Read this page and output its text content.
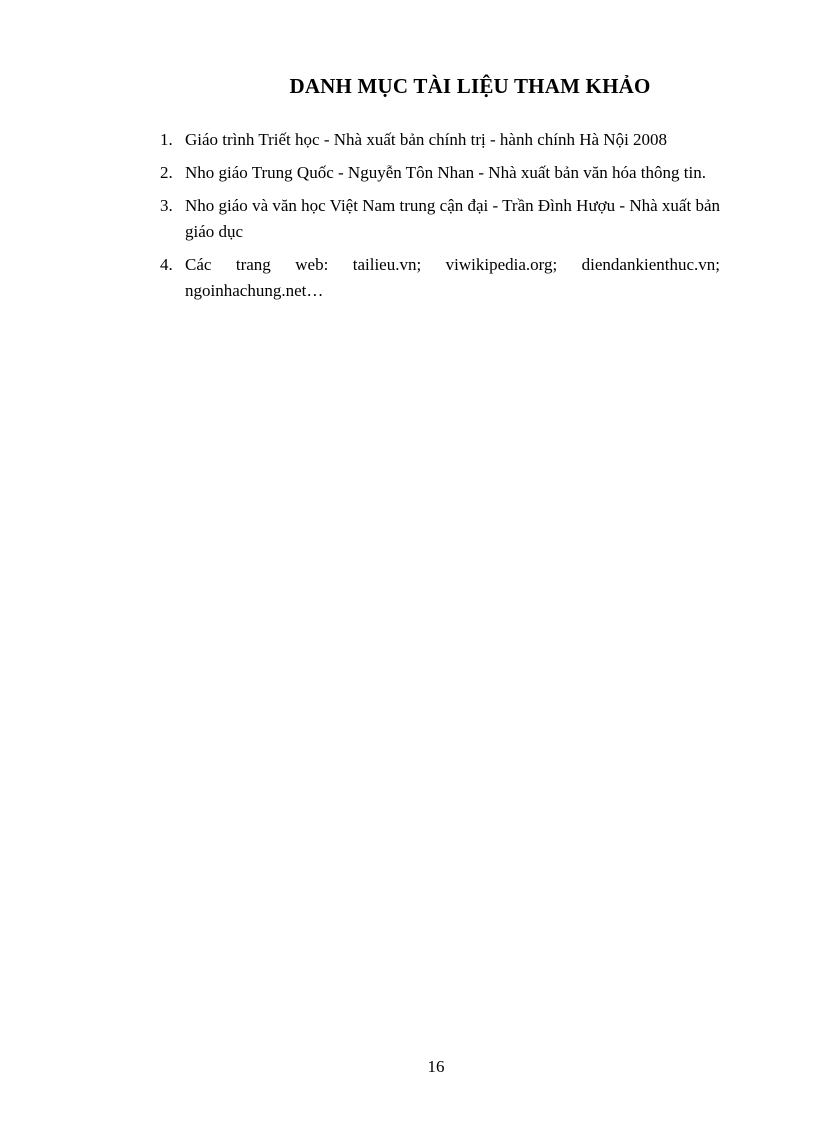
DANH MỤC TÀI LIỆU THAM KHẢO
1. Giáo trình Triết học - Nhà xuất bản chính trị - hành chính Hà Nội 2008
2. Nho giáo Trung Quốc - Nguyễn Tôn Nhan - Nhà xuất bản văn hóa thông tin.
3. Nho giáo và văn học Việt Nam trung cận đại - Trần Đình Hượu - Nhà xuất bản giáo dục
4. Các trang web: tailieu.vn; viwikipedia.org; diendankienthuc.vn; ngoinhachung.net…
16
